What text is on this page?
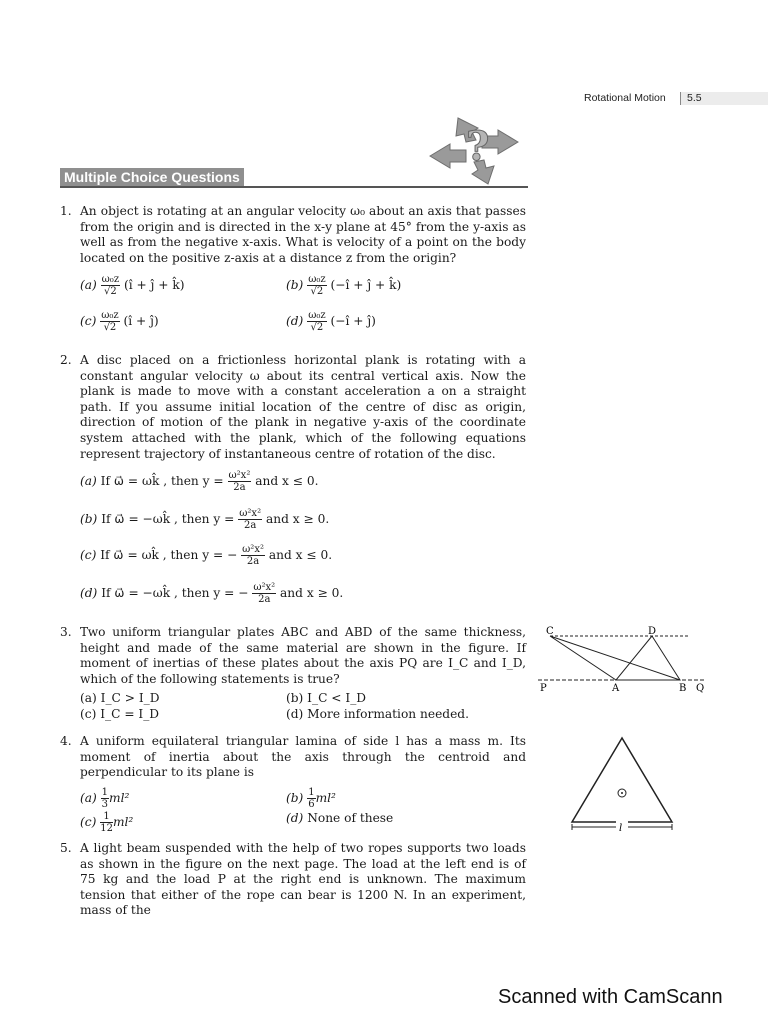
Rotational Motion	5.5
?
Multiple Choice Questions
1. An object is rotating at an angular velocity ω₀ about an axis that passes from the origin and is directed in the x-y plane at 45° from the y-axis as well as from the negative x-axis. What is velocity of a point on the body located on the positive z-axis at a distance z from the origin?
$(a) \frac{\text{ω₀z}}{√2}$ (î + ĵ + k̂)	$(b) \frac{\text{ω₀z}}{√2}$ (−î + ĵ + k̂)
$(c) \frac{\text{ω₀z}}{√2}$ (î + ĵ)	$(d) \frac{\text{ω₀z}}{√2}$ (−î + ĵ)
2. A disc placed on a frictionless horizontal plank is rotating with a constant angular velocity ω about its central vertical axis. Now the plank is made to move with a constant acceleration a on a straight path. If you assume initial location of the centre of disc as origin, direction of motion of the plank in negative y-axis of the coordinate system attached with the plank, which of the following equations represent trajectory of instantaneous centre of rotation of the disc.
(a) If ω⃗ = ωk̂ , then $y = \frac{\text{ω²x²}}{2a}$ and x ≤ 0.
(b) If ω⃗ = −ωk̂ , then $y = \frac{\text{ω²x²}}{2a}$ and x ≥ 0.
(c) If ω⃗ = ωk̂ , then y = − $\frac{\text{ω²x²}}{2a}$ and x ≤ 0.
(d) If ω⃗ = −ωk̂ , then y = − $\frac{\text{ω²x²}}{2a}$ and x ≥ 0.
3. Two uniform triangular plates ABC and ABD of the same thickness, height and made of the same material are shown in the figure. If moment of inertias of these plates about the axis PQ are I_C and I_D, which of the following statements is true?
(a) I_C > I_D	(b) I_C < I_D
(c) I_C = I_D	(d) More information needed.
C	D
P	A	B Q
4. A uniform equilateral triangular lamina of side l has a mass m. Its moment of inertia about the axis through the centroid and perpendicular to its plane is
$(a) \frac{1}{3} ml^2$	$(b) \frac{1}{6} ml^2$
$(c) \frac{1}{12} ml^2$	(d) None of these
l
5. A light beam suspended with the help of two ropes supports two loads as shown in the figure on the next page. The load at the left end is of 75 kg and the load P at the right end is unknown. The maximum tension that either of the rope can bear is 1200 N. In an experiment, mass of the
Scanned with CamScann
